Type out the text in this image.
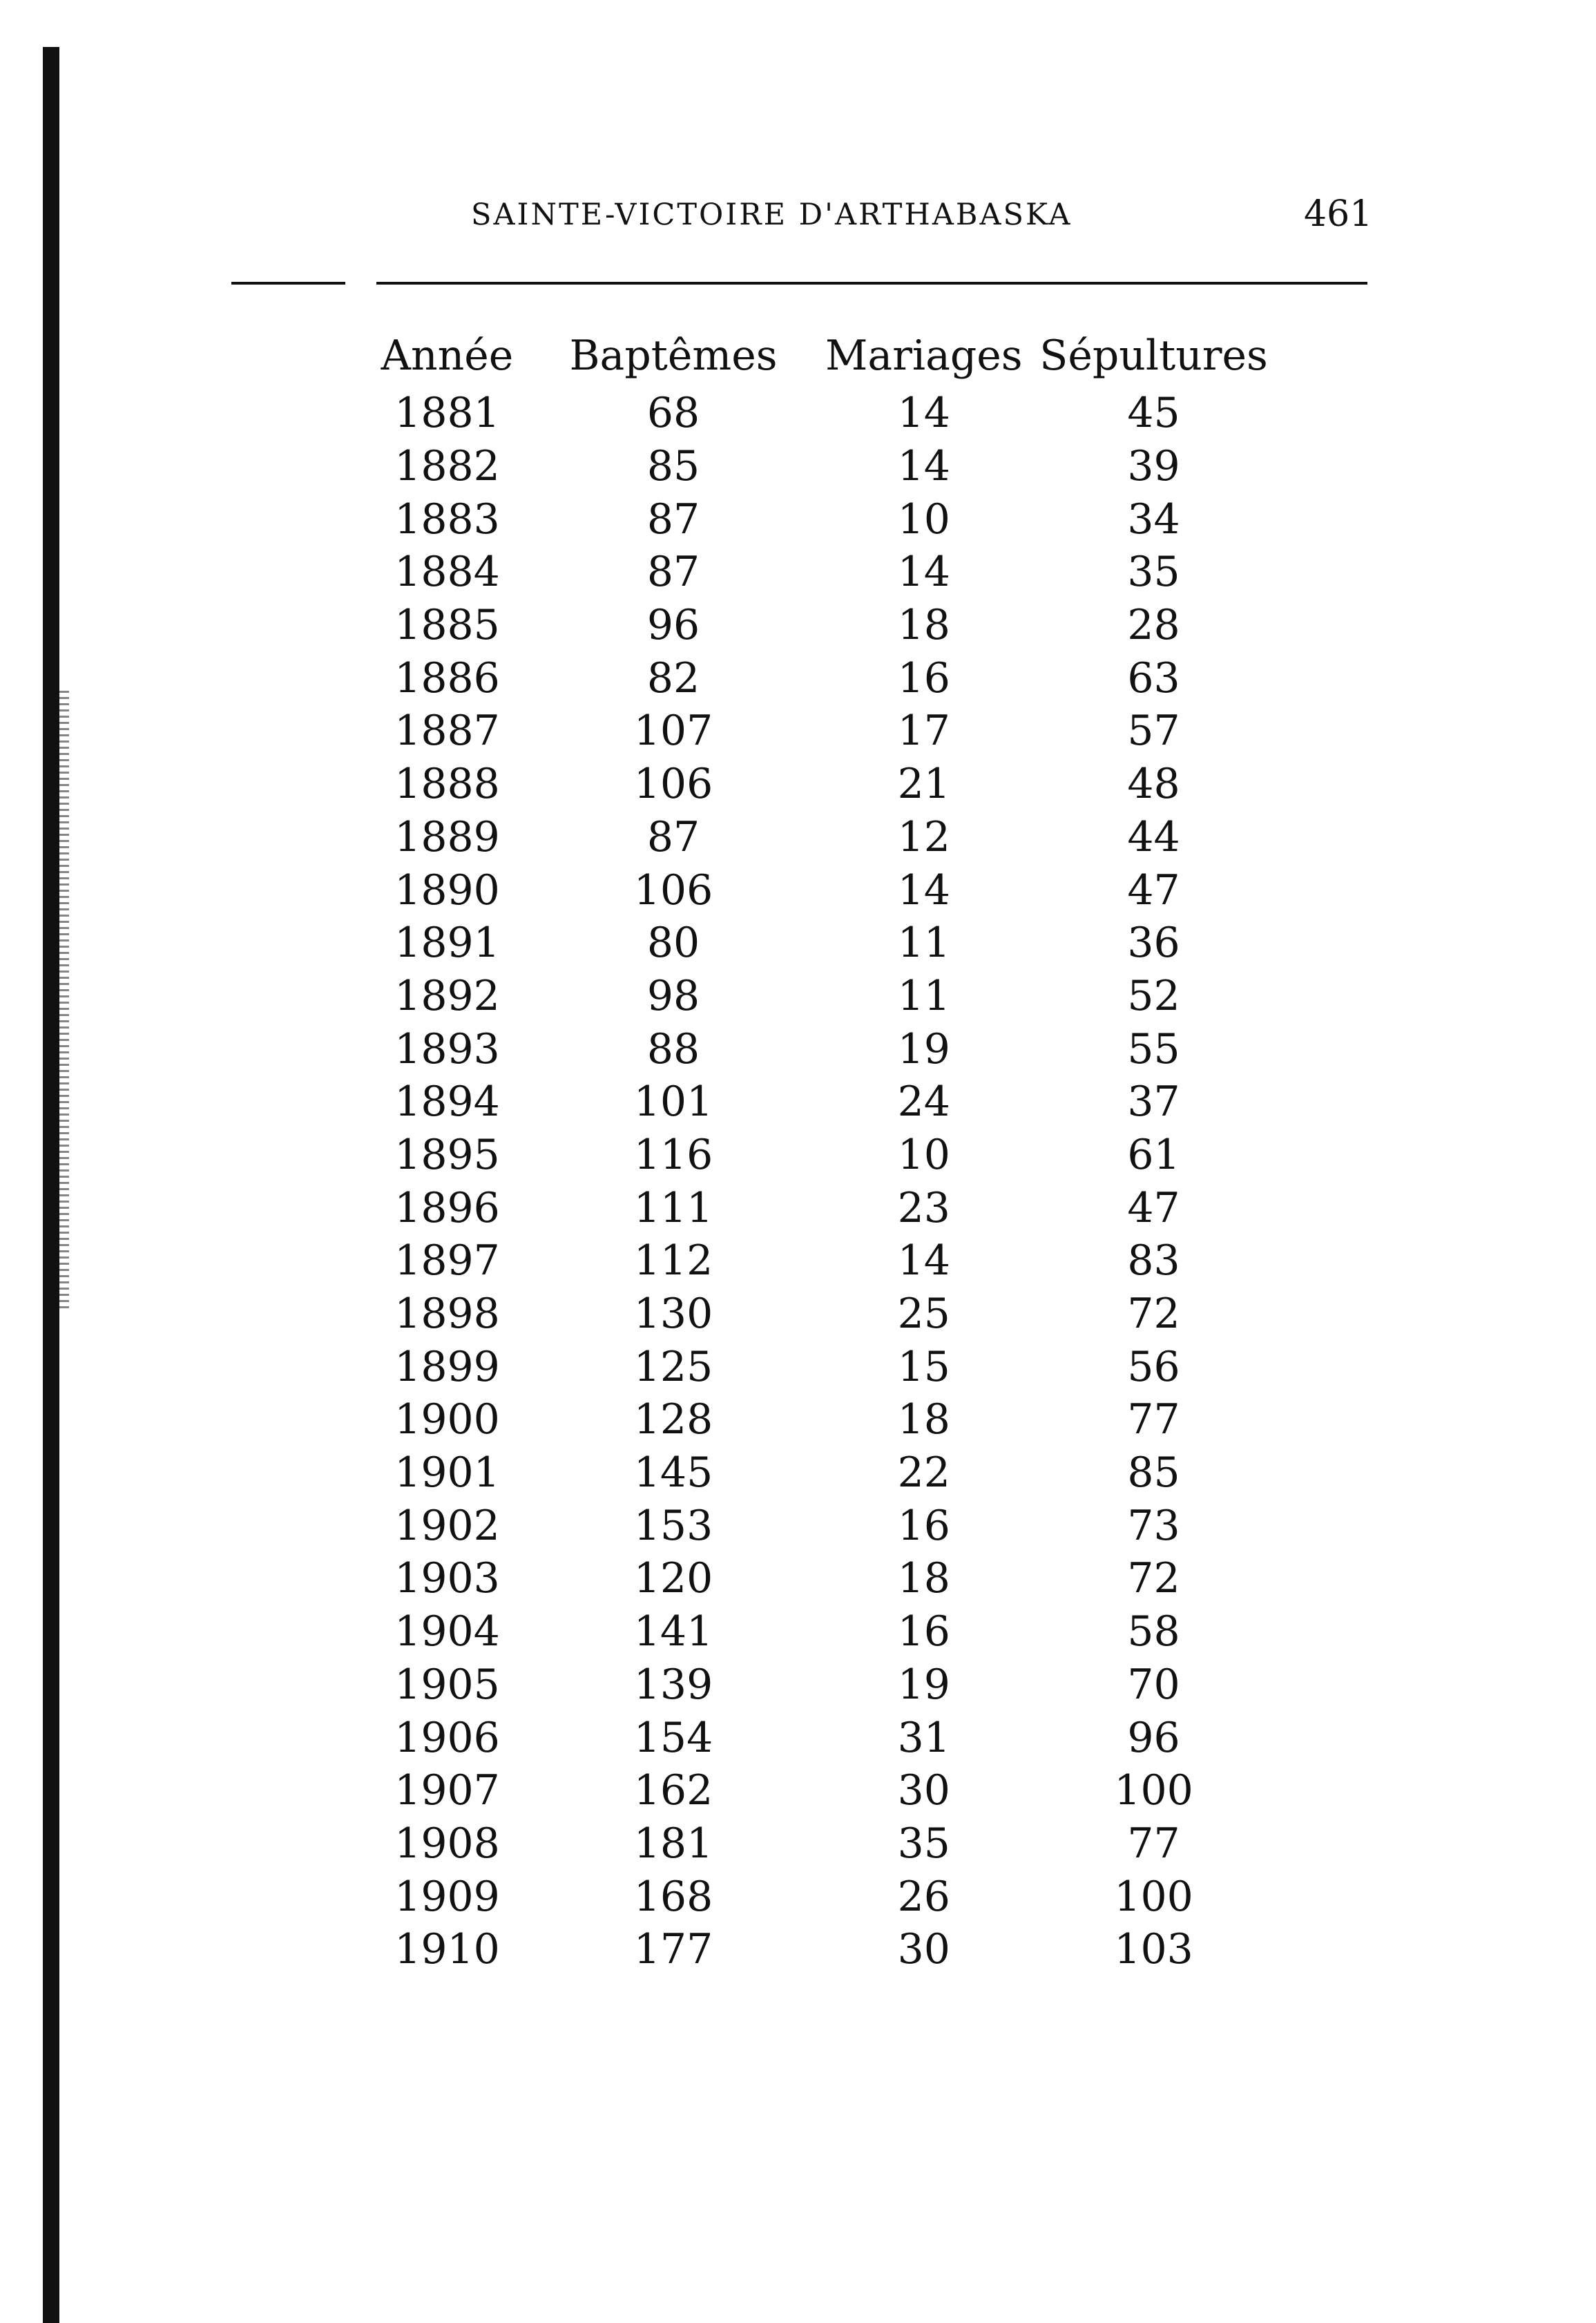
SAINTE-VICTOIRE D'ARTHABASKA	461
Année	Baptêmes	Mariages	Sépultures
1881	68	14	45
1882	85	14	39
1883	87	10	34
1884	87	14	35
1885	96	18	28
1886	82	16	63
1887	107	17	57
1888	106	21	48
1889	87	12	44
1890	106	14	47
1891	80	11	36
1892	98	11	52
1893	88	19	55
1894	101	24	37
1895	116	10	61
1896	111	23	47
1897	112	14	83
1898	130	25	72
1899	125	15	56
1900	128	18	77
1901	145	22	85
1902	153	16	73
1903	120	18	72
1904	141	16	58
1905	139	19	70
1906	154	31	96
1907	162	30	100
1908	181	35	77
1909	168	26	100
1910	177	30	103
